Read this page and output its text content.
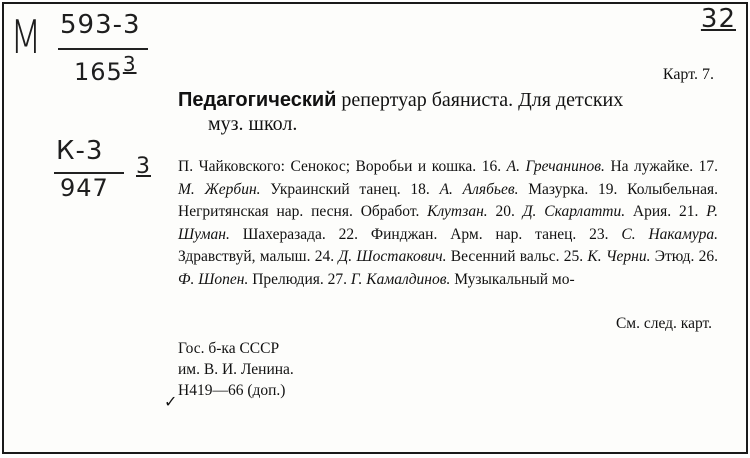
M 593-3
$165^3$
К-3
947
3
32
Карт. 7.
Педагогический репертуар баяниста. Для детских
муз. школ.
П. Чайковского: Сенокос; Воробьи и кошка. 16. А. Гречанинов. На лужайке. 17. М. Жербин. Украинский танец. 18. А. Алябьев. Мазурка. 19. Колыбельная. Негритянская нар. песня. Обработ. Клутзан. 20. Д. Скарлатти. Ария. 21. Р. Шуман. Шахеразада. 22. Финджан. Арм. нар. танец. 23. С. Накамура. Здравствуй, малыш. 24. Д. Шостакович. Весенний вальс. 25. К. Черни. Этюд. 26. Ф. Шопен. Прелюдия. 27. Г. Камалдинов. Музыкальный мо-
См. след. карт.
Гос. б-ка СССР
им. В. И. Ленина.
Н419—66 (доп.)
✓
